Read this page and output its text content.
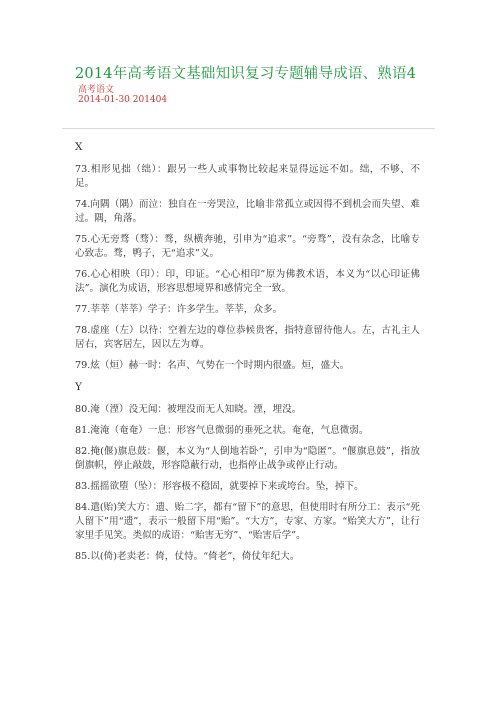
2014年高考语文基础知识复习专题辅导成语、熟语4
高考语文
2014-01-30 201404
X

73.相形见拙（绌）：跟另一些人或事物比较起来显得远远不如。绌，不够、不足。

74.向隅（隅）而泣：独自在一旁哭泣，比喻非常孤立或因得不到机会而失望、难过。隅，角落。

75.心无旁骛（骛）：骛，纵横奔驰，引申为“追求”。“旁骛”，没有杂念，比喻专心致志。骛，鸭子，无“追求”义。

76.心心相映（印）：印，印证。“心心相印”原为佛教术语，本义为“以心印证佛法”。演化为成语，形容思想境界和感情完全一致。

77.莘莘（莘莘）学子：许多学生。莘莘，众多。

78.虚座（左）以待：空着左边的尊位恭候贵客，指特意留待他人。左，古礼主人居右，宾客居左，因以左为尊。

79.炫（烜）赫一时：名声、气势在一个时期内很盛。烜，盛大。

Y

80.淹（湮）没无闻：被埋没而无人知晓。湮，埋没。

81.淹淹（奄奄）一息：形容气息微弱的垂死之状。奄奄，气息微弱。

82.掩(偃)旗息鼓：偃，本义为“人倒地若卧”，引申为“隐匿”。“偃旗息鼓”，指放倒旗帜，停止敲鼓，形容隐蔽行动，也指停止战争或停止行动。

83.摇摇欲堕（坠）：形容极不稳固，就要掉下来或垮台。坠，掉下。

84.遣(贻)笑大方：遗、贻二字，都有“留下”的意思，但使用时有所分工：表示“死人留下”用“遗”，表示一般留下用“贻”。“大方”，专家、方家。“贻笑大方”，让行家里手见笑。类似的成语：“贻害无穷”、“贻害后学”。

85.以(倚)老卖老：倚，仗恃。“倚老”，倚仗年纪大。
